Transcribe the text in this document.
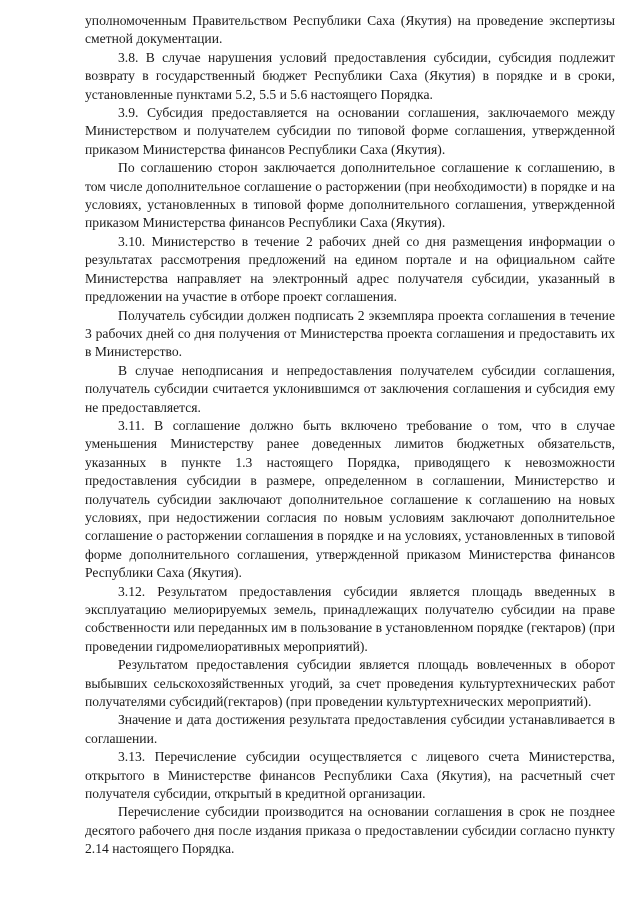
уполномоченным Правительством Республики Саха (Якутия) на проведение экспертизы сметной документации.

3.8. В случае нарушения условий предоставления субсидии, субсидия подлежит возврату в государственный бюджет Республики Саха (Якутия) в порядке и в сроки, установленные пунктами 5.2, 5.5 и 5.6 настоящего Порядка.

3.9. Субсидия предоставляется на основании соглашения, заключаемого между Министерством и получателем субсидии по типовой форме соглашения, утвержденной приказом Министерства финансов Республики Саха (Якутия).

По соглашению сторон заключается дополнительное соглашение к соглашению, в том числе дополнительное соглашение о расторжении (при необходимости) в порядке и на условиях, установленных в типовой форме дополнительного соглашения, утвержденной приказом Министерства финансов Республики Саха (Якутия).

3.10. Министерство в течение 2 рабочих дней со дня размещения информации о результатах рассмотрения предложений на едином портале и на официальном сайте Министерства направляет на электронный адрес получателя субсидии, указанный в предложении на участие в отборе проект соглашения.

Получатель субсидии должен подписать 2 экземпляра проекта соглашения в течение 3 рабочих дней со дня получения от Министерства проекта соглашения и предоставить их в Министерство.

В случае неподписания и непредоставления получателем субсидии соглашения, получатель субсидии считается уклонившимся от заключения соглашения и субсидия ему не предоставляется.

3.11. В соглашение должно быть включено требование о том, что в случае уменьшения Министерству ранее доведенных лимитов бюджетных обязательств, указанных в пункте 1.3 настоящего Порядка, приводящего к невозможности предоставления субсидии в размере, определенном в соглашении, Министерство и получатель субсидии заключают дополнительное соглашение к соглашению на новых условиях, при недостижении согласия по новым условиям заключают дополнительное соглашение о расторжении соглашения в порядке и на условиях, установленных в типовой форме дополнительного соглашения, утвержденной приказом Министерства финансов Республики Саха (Якутия).

3.12. Результатом предоставления субсидии является площадь введенных в эксплуатацию мелиорируемых земель, принадлежащих получателю субсидии на праве собственности или переданных им в пользование в установленном порядке (гектаров) (при проведении гидромелиоративных мероприятий).

Результатом предоставления субсидии является площадь вовлеченных в оборот выбывших сельскохозяйственных угодий, за счет проведения культуртехнических работ получателями субсидий(гектаров) (при проведении культуртехнических мероприятий).

Значение и дата достижения результата предоставления субсидии устанавливается в соглашении.

3.13. Перечисление субсидии осуществляется с лицевого счета Министерства, открытого в Министерстве финансов Республики Саха (Якутия), на расчетный счет получателя субсидии, открытый в кредитной организации.

Перечисление субсидии производится на основании соглашения в срок не позднее десятого рабочего дня после издания приказа о предоставлении субсидии согласно пункту 2.14 настоящего Порядка.
